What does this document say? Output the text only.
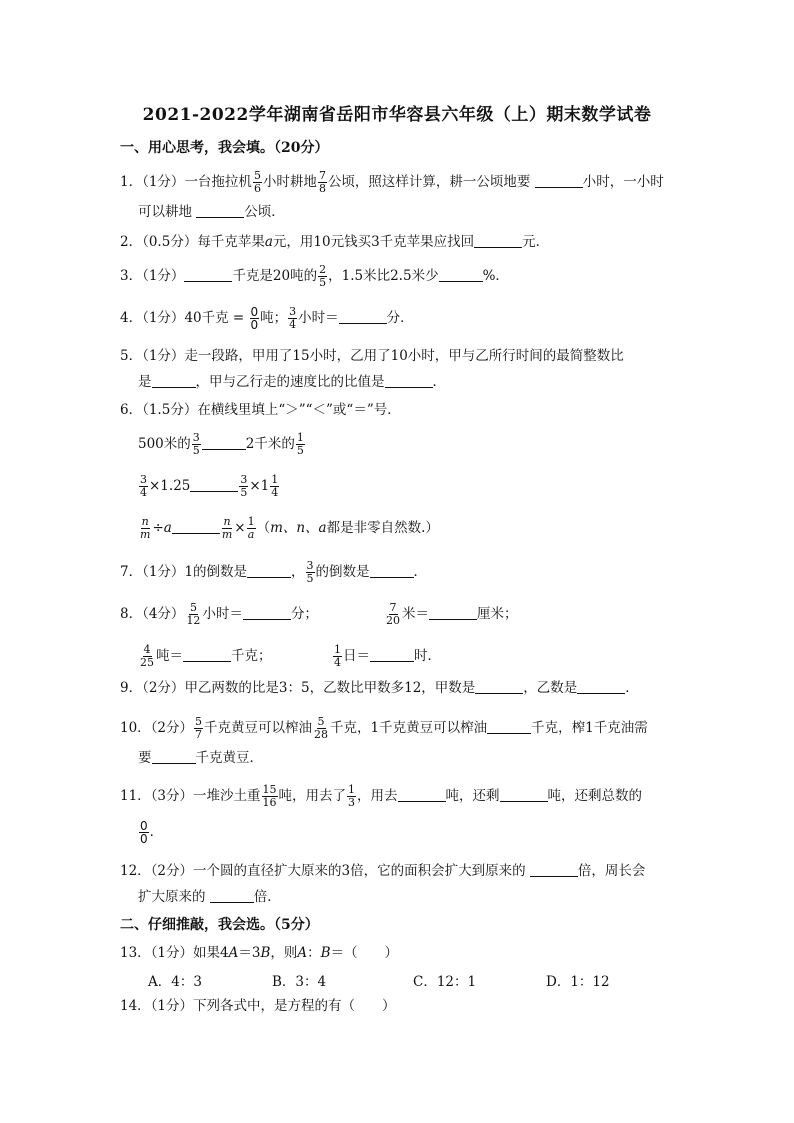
2021-2022学年湖南省岳阳市华容县六年级（上）期末数学试卷
一、用心思考，我会填。（20分）
1．（1分）一台拖拉机 $\frac{5}{6}$ 小时耕地 $\frac{7}{8}$ 公顷，照这样计算，耕一公顷地要	小时，一小时
可以耕地	公顷．
2．（0.5分）每千克苹果a元，用10元钱买3千克苹果应找回	元．
3．（1分）	千克是20吨的 $\frac{2}{5}$ ，1.5米比2.5米少	%．
4．（1分）40千克 = $\frac{0}{0}$ 吨； $\frac{3}{4}$ 小时＝	分．
5．（1分）走一段路，甲用了15小时，乙用了10小时，甲与乙所行时间的最简整数比
是	，甲与乙行走的速度比的比值是	．
6．（1.5分）在横线里填上“＞”“＜”或“＝”号．
500米的 $\frac{3}{5}$	2千米的 $\frac{1}{5}$
$\frac{3}{4} \times 1.25$	$\frac{3}{5} \times 1 \frac{1}{4}$
$\frac{n}{m} \div a$	$\frac{n}{m} \times \frac{1}{a} (m$、n、a都是非零自然数.）
7．（1分）1的倒数是	， $\frac{3}{5}$ 的倒数是	．
8．（4分） $\frac{5}{12}$ 小时＝	分；	$\frac{7}{20}$ 米＝	厘米；
$\frac{4}{25}$ 吨＝	千克；	$\frac{1}{4}$ 日＝	时．
9．（2分）甲乙两数的比是3：5，乙数比甲数多12，甲数是	，乙数是	．
10．（2分） $\frac{5}{7}$ 千克黄豆可以榨油 $\frac{5}{28}$ 千克，1千克黄豆可以榨油	千克，榨1千克油需
要	千克黄豆．
11．（3分）一堆沙土重 $\frac{15}{16}$ 吨，用去了 $\frac{1}{3}$ ，用去	吨，还剩	吨，还剩总数的
$\frac{0}{0}$ ．
12．（2分）一个圆的直径扩大原来的3倍，它的面积会扩大到原来的	倍，周长会
扩大原来的	倍．
二、仔细推敲，我会选。（5分）
13．（1分）如果4A＝3B，则A：B＝（　　）
A．4：3	B．3：4	C．12：1	D．1：12
14．（1分）下列各式中，是方程的有（　　）
